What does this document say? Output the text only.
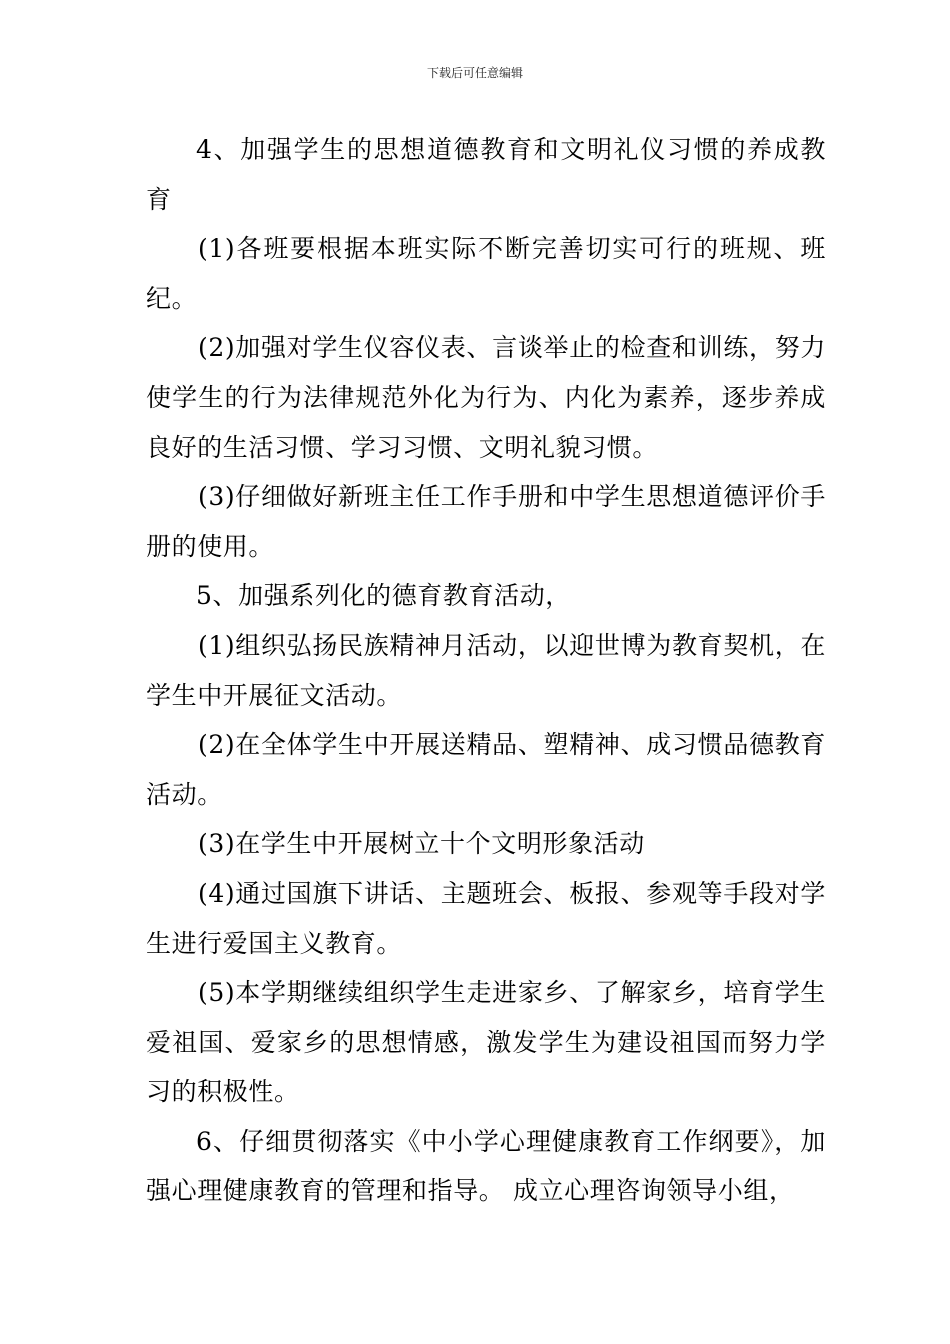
下载后可任意编辑

4、加强学生的思想道德教育和文明礼仪习惯的养成教育

(1)各班要根据本班实际不断完善切实可行的班规、班纪。

(2)加强对学生仪容仪表、言谈举止的检查和训练，努力使学生的行为法律规范外化为行为、内化为素养，逐步养成良好的生活习惯、学习习惯、文明礼貌习惯。

(3)仔细做好新班主任工作手册和中学生思想道德评价手册的使用。

5、加强系列化的德育教育活动，

(1)组织弘扬民族精神月活动，以迎世博为教育契机，在学生中开展征文活动。

(2)在全体学生中开展送精品、塑精神、成习惯品德教育活动。

(3)在学生中开展树立十个文明形象活动

(4)通过国旗下讲话、主题班会、板报、参观等手段对学生进行爱国主义教育。

(5)本学期继续组织学生走进家乡、了解家乡，培育学生爱祖国、爱家乡的思想情感，激发学生为建设祖国而努力学习的积极性。

6、仔细贯彻落实《中小学心理健康教育工作纲要》，加强心理健康教育的管理和指导。 成立心理咨询领导小组，
